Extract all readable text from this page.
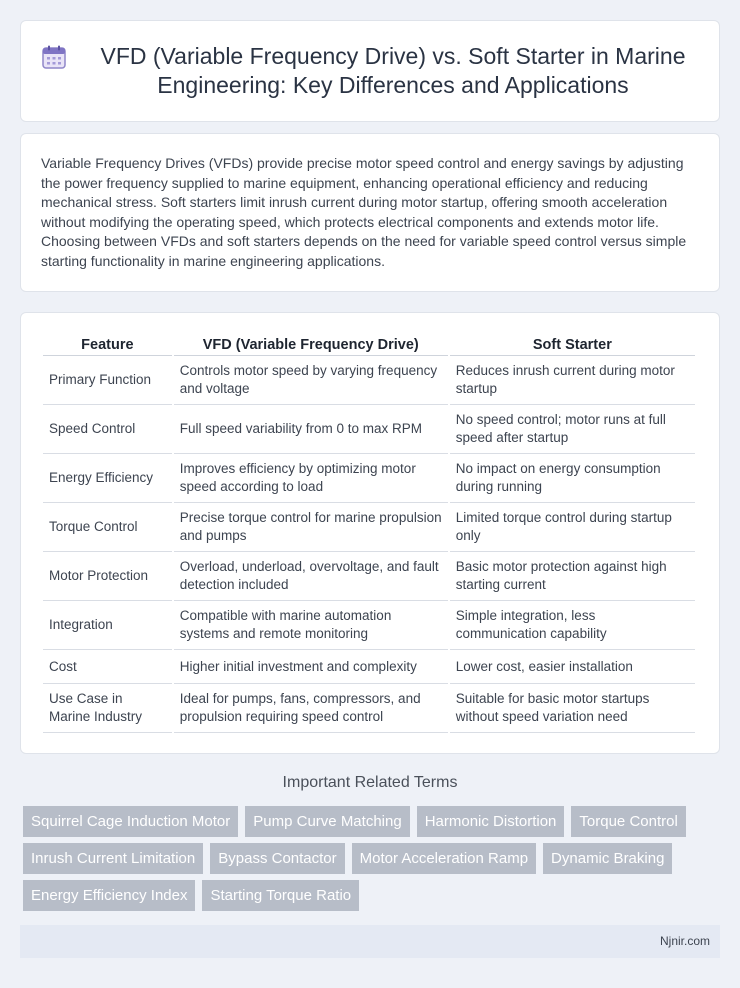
VFD (Variable Frequency Drive) vs. Soft Starter in Marine Engineering: Key Differences and Applications

Variable Frequency Drives (VFDs) provide precise motor speed control and energy savings by adjusting the power frequency supplied to marine equipment, enhancing operational efficiency and reducing mechanical stress. Soft starters limit inrush current during motor startup, offering smooth acceleration without modifying the operating speed, which protects electrical components and extends motor life. Choosing between VFDs and soft starters depends on the need for variable speed control versus simple starting functionality in marine engineering applications.

Feature	VFD (Variable Frequency Drive)	Soft Starter
Primary Function	Controls motor speed by varying frequency and voltage	Reduces inrush current during motor startup
Speed Control	Full speed variability from 0 to max RPM	No speed control; motor runs at full speed after startup
Energy Efficiency	Improves efficiency by optimizing motor speed according to load	No impact on energy consumption during running
Torque Control	Precise torque control for marine propulsion and pumps	Limited torque control during startup only
Motor Protection	Overload, underload, overvoltage, and fault detection included	Basic motor protection against high starting current
Integration	Compatible with marine automation systems and remote monitoring	Simple integration, less communication capability
Cost	Higher initial investment and complexity	Lower cost, easier installation
Use Case in Marine Industry	Ideal for pumps, fans, compressors, and propulsion requiring speed control	Suitable for basic motor startups without speed variation need
Important Related Terms
Squirrel Cage Induction Motor	Pump Curve Matching	Harmonic Distortion	Torque Control
Inrush Current Limitation	Bypass Contactor	Motor Acceleration Ramp	Dynamic Braking
Energy Efficiency Index	Starting Torque Ratio
Njnir.com
